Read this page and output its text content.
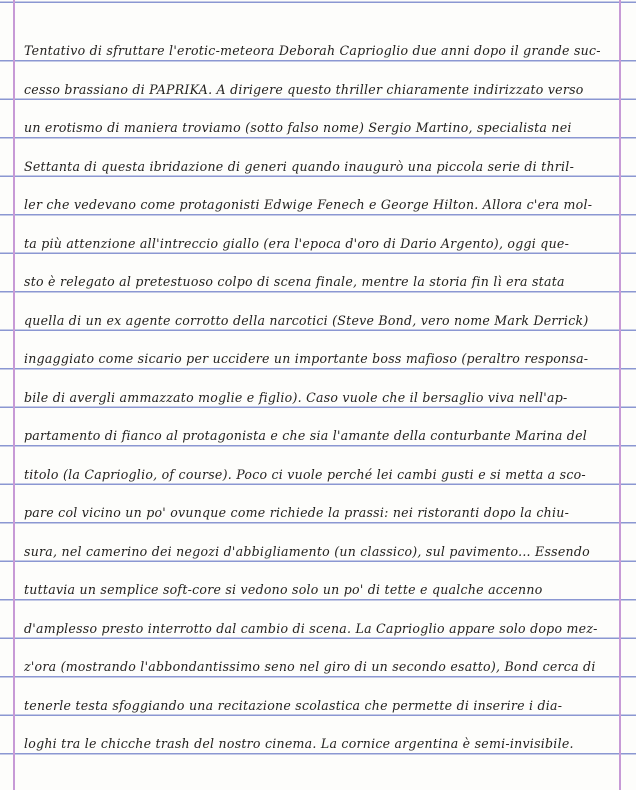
Tentativo di sfruttare l'erotic-meteora Deborah Caprioglio due anni dopo il grande suc-
cesso brassiano di PAPRIKA. A dirigere questo thriller chiaramente indirizzato verso
un erotismo di maniera troviamo (sotto falso nome) Sergio Martino, specialista nei
Settanta di questa ibridazione di generi quando inaugurò una piccola serie di thril-
ler che vedevano come protagonisti Edwige Fenech e George Hilton. Allora c'era mol-
ta più attenzione all'intreccio giallo (era l'epoca d'oro di Dario Argento), oggi que-
sto è relegato al pretestuoso colpo di scena finale, mentre la storia fin lì era stata
quella di un ex agente corrotto della narcotici (Steve Bond, vero nome Mark Derrick)
ingaggiato come sicario per uccidere un importante boss mafioso (peraltro responsa-
bile di avergli ammazzato moglie e figlio). Caso vuole che il bersaglio viva nell'ap-
partamento di fianco al protagonista e che sia l'amante della conturbante Marina del
titolo (la Caprioglio, of course). Poco ci vuole perché lei cambi gusti e si metta a sco-
pare col vicino un po' ovunque come richiede la prassi: nei ristoranti dopo la chiu-
sura, nel camerino dei negozi d'abbigliamento (un classico), sul pavimento... Essendo
tuttavia un semplice soft-core si vedono solo un po' di tette e qualche accenno
d'amplesso presto interrotto dal cambio di scena. La Caprioglio appare solo dopo mez-
z'ora (mostrando l'abbondantissimo seno nel giro di un secondo esatto), Bond cerca di
tenerle testa sfoggiando una recitazione scolastica che permette di inserire i dia-
loghi tra le chicche trash del nostro cinema. La cornice argentina è semi-invisibile.
